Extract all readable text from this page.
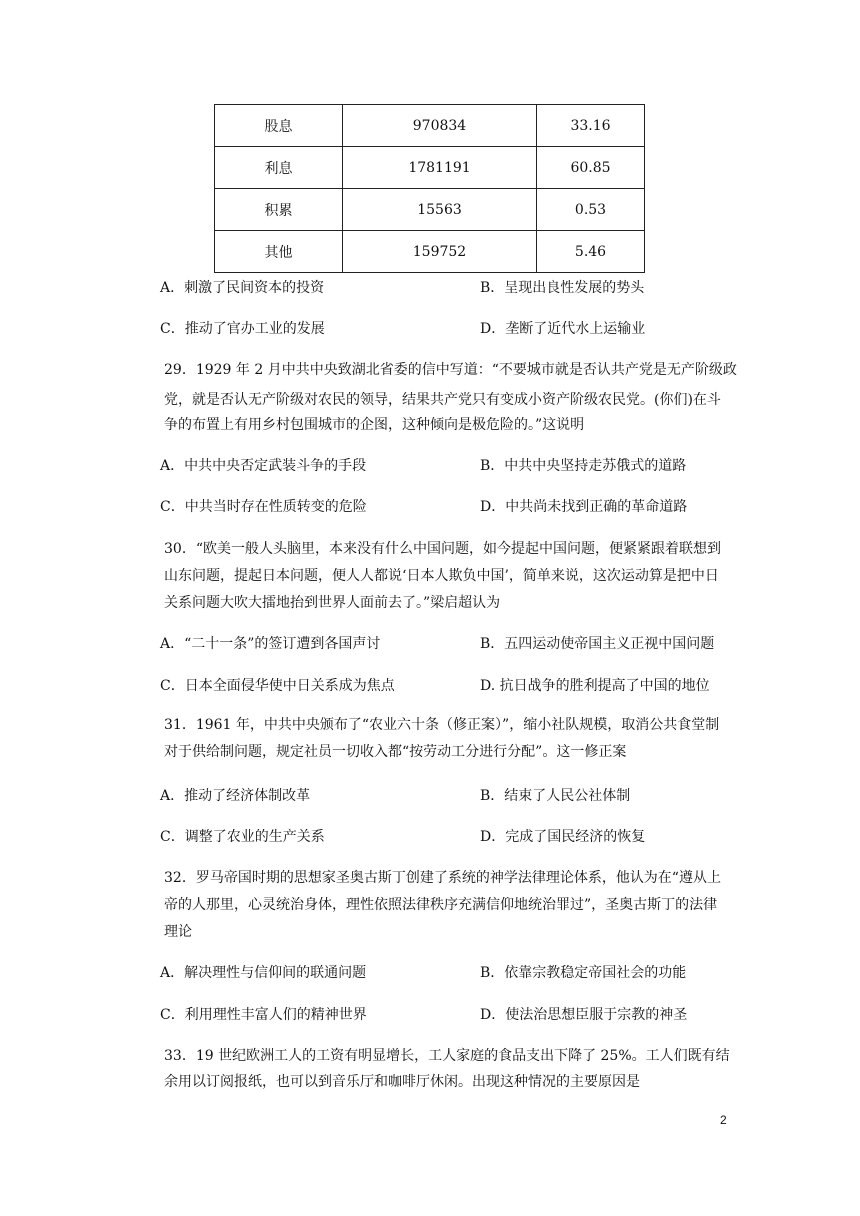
股息	970834	33.16
利息	1781191	60.85
积累	15563	0.53
其他	159752	5.46
A．刺激了民间资本的投资	B．呈现出良性发展的势头
C．推动了官办工业的发展	D．垄断了近代水上运输业
29．1929 年 2 月中共中央致湖北省委的信中写道：“不要城市就是否认共产党是无产阶级政
党，就是否认无产阶级对农民的领导，结果共产党只有变成小资产阶级农民党。(你们)在斗
争的布置上有用乡村包围城市的企图，这种倾向是极危险的。”这说明
A．中共中央否定武装斗争的手段	B．中共中央坚持走苏俄式的道路
C．中共当时存在性质转变的危险	D．中共尚未找到正确的革命道路
30．“欧美一般人头脑里，本来没有什么中国问题，如今提起中国问题，便紧紧跟着联想到
山东问题，提起日本问题，便人人都说‘日本人欺负中国’，简单来说，这次运动算是把中日
关系问题大吹大擂地抬到世界人面前去了。”梁启超认为
A．“二十一条”的签订遭到各国声讨	B．五四运动使帝国主义正视中国问题
C．日本全面侵华使中日关系成为焦点	D. 抗日战争的胜利提高了中国的地位
31．1961 年，中共中央颁布了“农业六十条（修正案）”，缩小社队规模，取消公共食堂制
对于供给制问题，规定社员一切收入都“按劳动工分进行分配”。这一修正案
A．推动了经济体制改革	B．结束了人民公社体制
C．调整了农业的生产关系	D．完成了国民经济的恢复
32．罗马帝国时期的思想家圣奥古斯丁创建了系统的神学法律理论体系，他认为在“遵从上
帝的人那里，心灵统治身体，理性依照法律秩序充满信仰地统治罪过”，圣奥古斯丁的法律
理论
A．解决理性与信仰间的联通问题	B．依靠宗教稳定帝国社会的功能
C．利用理性丰富人们的精神世界	D．使法治思想臣服于宗教的神圣
33．19 世纪欧洲工人的工资有明显增长，工人家庭的食品支出下降了 25%。工人们既有结
余用以订阅报纸，也可以到音乐厅和咖啡厅休闲。出现这种情况的主要原因是
2
